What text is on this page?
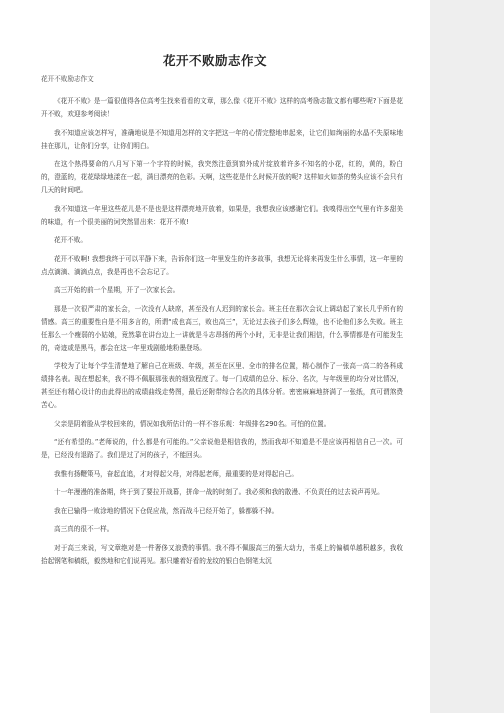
花开不败励志作文
花开不败励志作文

《花开不败》是一篇很值得各位高考生找来看看的文章，那么像《花开不败》这样的高考励志散文都有哪些呢?下面是花开不败，欢迎参考阅读！

我不知道应该怎样写，准确地说是不知道用怎样的文字把这一年的心情完整地串起来，让它们如绚丽的水晶不失原味地挂在那儿，让你们分享，让你们明白。

在这个热得要命的八月写下第一个字符的时候，我突然注意到窗外成片绽放着许多不知名的小花，红的，黄的，粉白的，澄蓝的，花花绿绿地漾在一起，满目漂亮的色彩。天啊，这些花是什么时候开放的呢? 这样如火如荼的势头应该不会只有几天的时间吧。

我不知道这一年里这些花儿是不是也是这样漂亮地开放着，如果是，我想我应该感谢它们。我嗅得出空气里有许多甜美的味道，有一个很美丽的词突然冒出来：花开不败!

花开不败。

花开不败啊! 我想我终于可以平静下来，告诉你们这一年里发生的许多故事，我想无论将来再发生什么事情，这一年里的点点滴滴、滴滴点点，我是再也不会忘记了。

高三开始的前一个星期，开了一次家长会。

那是一次很严肃的家长会，一次没有人缺席，甚至没有人迟到的家长会。班主任在那次会议上调动起了家长几乎所有的情感。高三的重要性自是不用多言的，所谓“成也高三，败也高三”，无论过去孩子们多么辉煌，也不论他们多么失败。班主任那么一个瘦弱的小姑娘，竟然靠在讲台边上一讲就是斗志昂扬的两个小时，无非是让我们相信，什么事情都是有可能发生的，奇迹或是黑马，都会在这一年里戏剧般地粉墨登场。

学校为了让每个学生清楚地了解自己在班级、年级，甚至在区里、全市的排名位置，精心制作了一张高一高二的各科成绩排名表。现在想起来，我不得不佩服那张表的细致程度了。每一门成绩的总分、标分、名次，与年级里的均分对比情况，甚至还有精心设计的由此得出的成绩曲线走势图，最后还附带综合名次的具体分析。密密麻麻地挤满了一张纸，真可谓煞费苦心。

父亲是阴着脸从学校回来的，情况如我所估计的一样不容乐观：年级排名290名。可怕的位置。

“还有希望的。”老师说的，什么都是有可能的。”父亲说他是相信我的，然而我却不知道是不是应该再相信自己一次。可是，已经没有退路了。我们是过了河的孩子，不能回头。

我惟有扬鞭策马，奋起直追，才对得起父母，对得起老师，最重要的是对得起自己。

十一年漫漫的准备期，终于到了要拉开战幕，拼命一战的时刻了。我必须和我的散漫、不负责任的过去说声再见。

我在已输得一败涂地的情况下仓促应战，然而战斗已经开始了，躲都躲不掉。

高三真的很不一样。

对于高三来说，写文章绝对是一件奢侈又浪费的事情。我不得不佩服高三的强大动力，书桌上的偏稿单越积越多，我收拾起钢笔和稿纸，毅然地和它们说再见。那只雕着好看的龙纹的银白色钢笔太沉
